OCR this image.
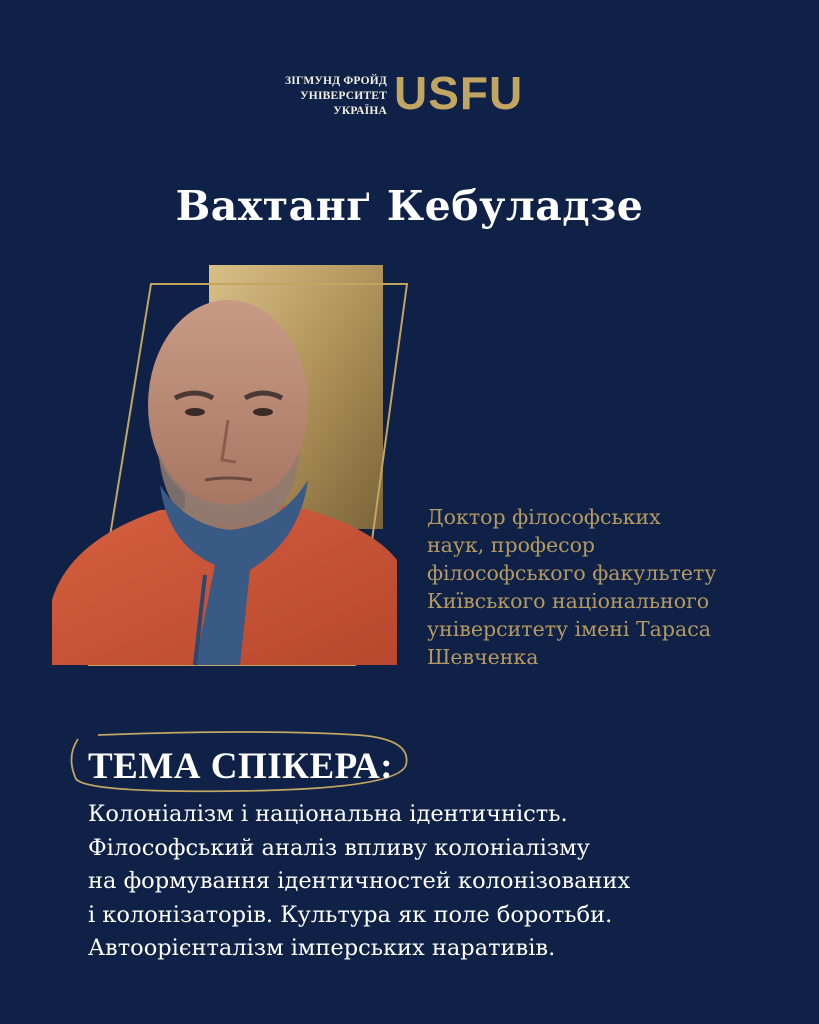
ЗІГМУНД ФРОЙД
УНІВЕРСИТЕТ
УКРАЇНА USFU
Вахтанґ Кебуладзе
Доктор філософських
наук, професор
філософського факультету
Київського національного
університету імені Тараса
Шевченка
ТЕМА СПІКЕРА:
Колоніалізм і національна ідентичність.
Філософський аналіз впливу колоніалізму
на формування ідентичностей колонізованих
і колонізаторів. Культура як поле боротьби.
Автоорієнталізм імперських наративів.
